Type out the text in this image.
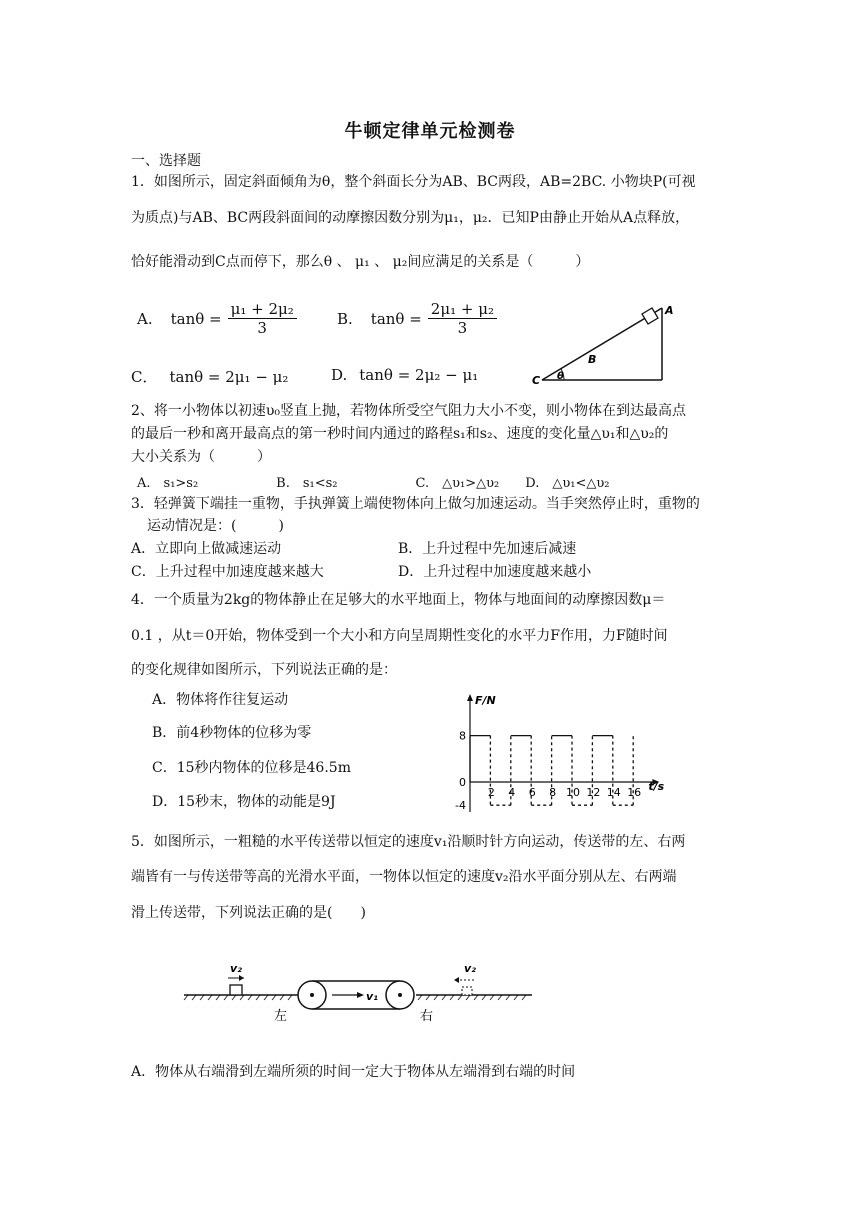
牛顿定律单元检测卷
一、选择题
1．如图所示，固定斜面倾角为θ，整个斜面长分为AB、BC两段，AB=2BC. 小物块P(可视
为质点)与AB、BC两段斜面间的动摩擦因数分别为μ₁，μ₂．已知P由静止开始从A点释放，
恰好能滑动到C点而停下，那么θ 、 μ₁ 、 μ₂间应满足的关系是（　　　）
A. $\tan\theta = \frac{\text{μ₁ + 2μ₂}}{3}$	B. $\tan\theta = \frac{\text{2μ₁ + μ₂}}{3}$
C． tanθ = 2μ₁ − μ₂	D. tanθ = 2μ₂ − μ₁
A
B
C θ
2、将一小物体以初速υ₀竖直上抛，若物体所受空气阻力大小不变，则小物体在到达最高点
的最后一秒和离开最高点的第一秒时间内通过的路程s₁和s₂、速度的变化量△υ₁和△υ₂的
大小关系为（　　　）
A.　s₁>s₂　　　　　　B.　s₁<s₂　　　　　　C.　△υ₁>△υ₂　　D.　△υ₁<△υ₂
3．轻弹簧下端挂一重物，手执弹簧上端使物体向上做匀加速运动。当手突然停止时，重物的
运动情况是：(　　　)
A．立即向上做减速运动	B．上升过程中先加速后减速
C．上升过程中加速度越来越大	D．上升过程中加速度越来越小
4．一个质量为2kg的物体静止在足够大的水平地面上，物体与地面间的动摩擦因数μ＝
0.1 ，从t＝0开始，物体受到一个大小和方向呈周期性变化的水平力F作用，力F随时间
的变化规律如图所示，下列说法正确的是：
A．物体将作往复运动
B．前4秒物体的位移为零
C．15秒内物体的位移是46.5m
D．15秒末，物体的动能是9J
F/N
t/s
8
0
-4
2 4 6 8 10 12 14 16
5．如图所示，一粗糙的水平传送带以恒定的速度v₁沿顺时针方向运动，传送带的左、右两
端皆有一与传送带等高的光滑水平面，一物体以恒定的速度v₂沿水平面分别从左、右两端
滑上传送带，下列说法正确的是(　　)
v₂
左
v₁
v₂
右
A．物体从右端滑到左端所须的时间一定大于物体从左端滑到右端的时间
